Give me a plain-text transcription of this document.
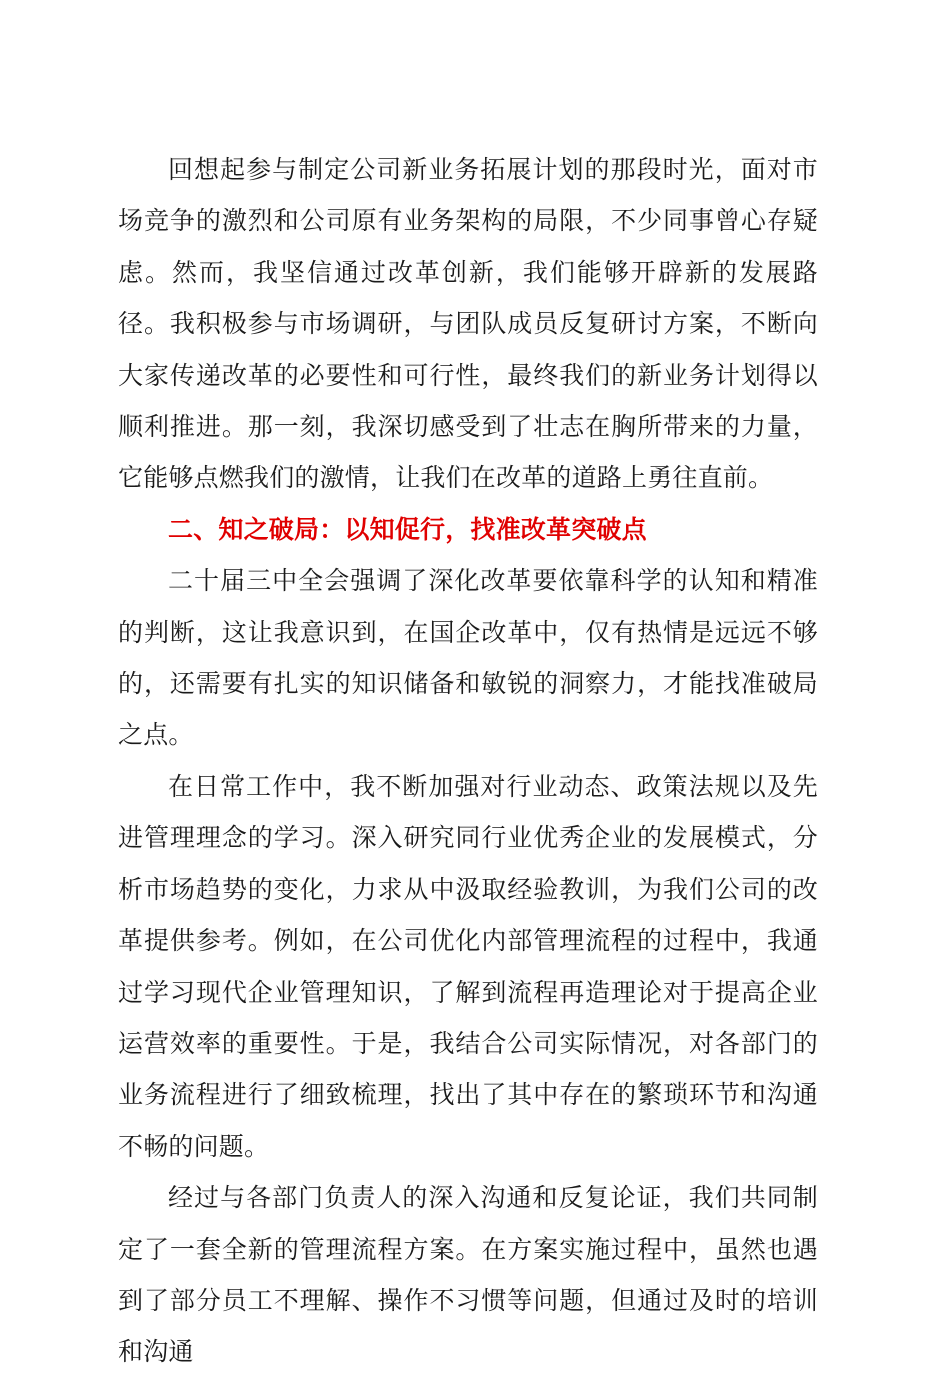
回想起参与制定公司新业务拓展计划的那段时光，面对市场竞争的激烈和公司原有业务架构的局限，不少同事曾心存疑虑。然而，我坚信通过改革创新，我们能够开辟新的发展路径。我积极参与市场调研，与团队成员反复研讨方案，不断向大家传递改革的必要性和可行性，最终我们的新业务计划得以顺利推进。那一刻，我深切感受到了壮志在胸所带来的力量，它能够点燃我们的激情，让我们在改革的道路上勇往直前。

二、知之破局：以知促行，找准改革突破点

二十届三中全会强调了深化改革要依靠科学的认知和精准的判断，这让我意识到，在国企改革中，仅有热情是远远不够的，还需要有扎实的知识储备和敏锐的洞察力，才能找准破局之点。

在日常工作中，我不断加强对行业动态、政策法规以及先进管理理念的学习。深入研究同行业优秀企业的发展模式，分析市场趋势的变化，力求从中汲取经验教训，为我们公司的改革提供参考。例如，在公司优化内部管理流程的过程中，我通过学习现代企业管理知识，了解到流程再造理论对于提高企业运营效率的重要性。于是，我结合公司实际情况，对各部门的业务流程进行了细致梳理，找出了其中存在的繁琐环节和沟通不畅的问题。

经过与各部门负责人的深入沟通和反复论证，我们共同制定了一套全新的管理流程方案。在方案实施过程中，虽然也遇到了部分员工不理解、操作不习惯等问题，但通过及时的培训和沟通
